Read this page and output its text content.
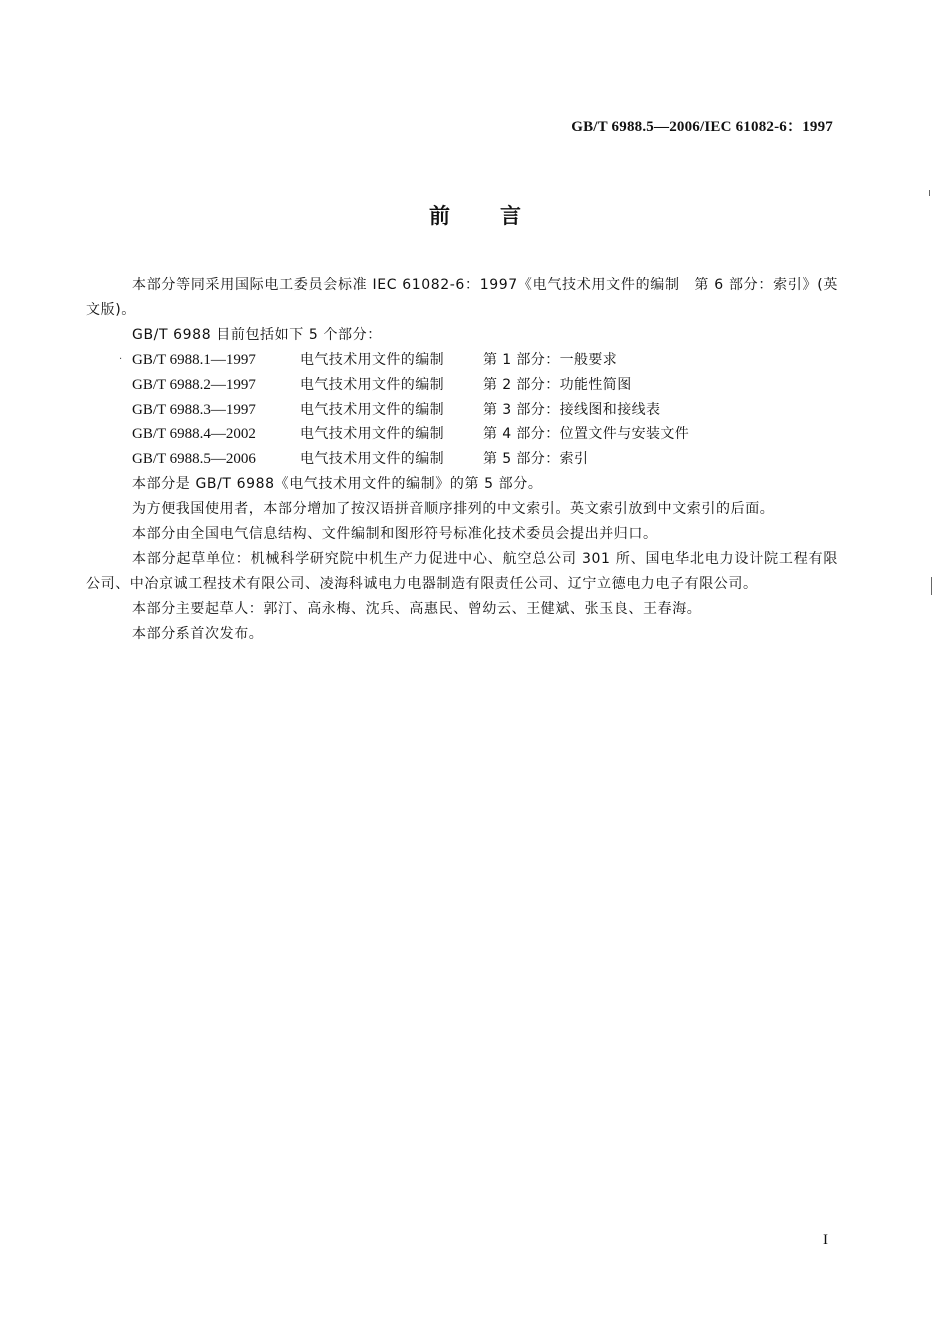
GB/T 6988.5—2006/IEC 61082-6：1997
前 言

本部分等同采用国际电工委员会标准 IEC 61082-6：1997《电气技术用文件的编制　第 6 部分：索引》(英文版)。

GB/T 6988 目前包括如下 5 个部分：

· GB/T 6988.1—1997	电气技术用文件的编制	第 1 部分：一般要求
GB/T 6988.2—1997	电气技术用文件的编制	第 2 部分：功能性简图
GB/T 6988.3—1997	电气技术用文件的编制	第 3 部分：接线图和接线表
GB/T 6988.4—2002	电气技术用文件的编制	第 4 部分：位置文件与安装文件
GB/T 6988.5—2006	电气技术用文件的编制	第 5 部分：索引

本部分是 GB/T 6988《电气技术用文件的编制》的第 5 部分。

为方便我国使用者，本部分增加了按汉语拼音顺序排列的中文索引。英文索引放到中文索引的后面。

本部分由全国电气信息结构、文件编制和图形符号标准化技术委员会提出并归口。

本部分起草单位：机械科学研究院中机生产力促进中心、航空总公司 301 所、国电华北电力设计院工程有限公司、中冶京诚工程技术有限公司、凌海科诚电力电器制造有限责任公司、辽宁立德电力电子有限公司。

本部分主要起草人：郭汀、高永梅、沈兵、高惠民、曾幼云、王健斌、张玉良、王春海。

本部分系首次发布。

I
